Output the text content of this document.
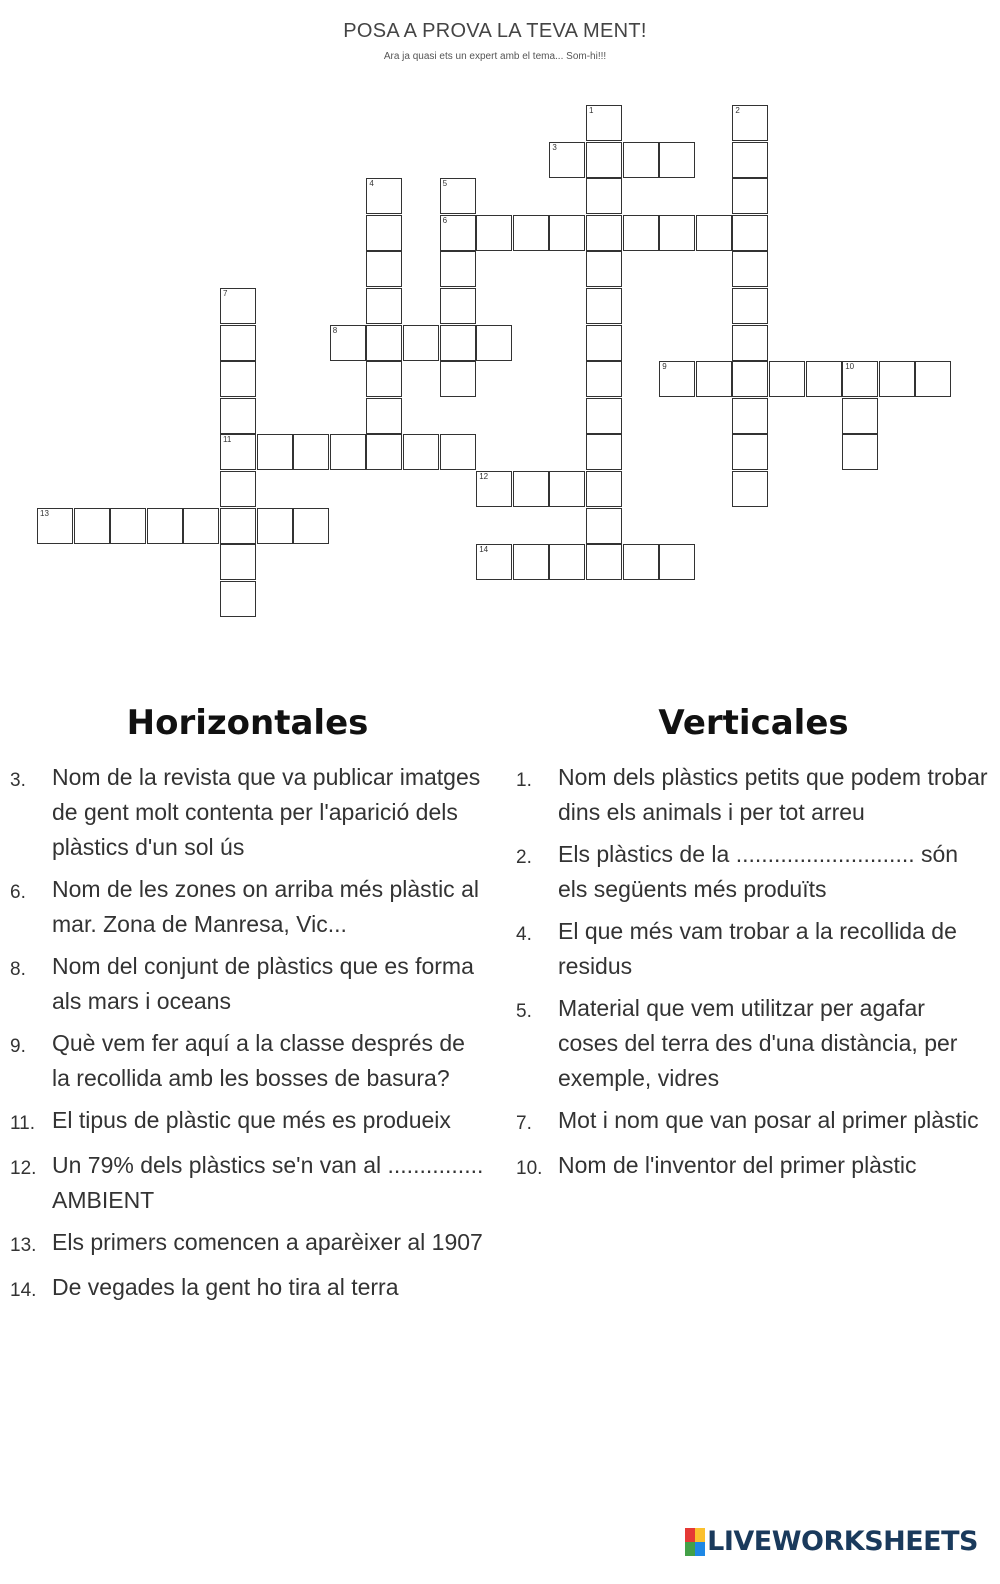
POSA A PROVA LA TEVA MENT!
Ara ja quasi ets un expert amb el tema... Som-hi!!!
1	2
3
4	5
6
7
11
8
9	10
12
13
14
Horizontales
3.	Nom de la revista que va publicar imatges de gent molt contenta per l'aparició dels plàstics d'un sol ús
6.	Nom de les zones on arriba més plàstic al mar. Zona de Manresa, Vic...
8.	Nom del conjunt de plàstics que es forma als mars i oceans
9.	Què vem fer aquí a la classe després de la recollida amb les bosses de basura?
11. El tipus de plàstic que més es produeix
12. Un 79% dels plàstics se'n van al ............... AMBIENT
13. Els primers comencen a aparèixer al 1907
14. De vegades la gent ho tira al terra
Verticales
1.	Nom dels plàstics petits que podem trobar dins els animals i per tot arreu
2.	Els plàstics de la ............................ són els següents més produïts
4.	El que més vam trobar a la recollida de residus
5.	Material que vem utilitzar per agafar coses del terra des d'una distància, per exemple, vidres
7.	Mot i nom que van posar al primer plàstic
10. Nom de l'inventor del primer plàstic
LIVEWORKSHEETS
